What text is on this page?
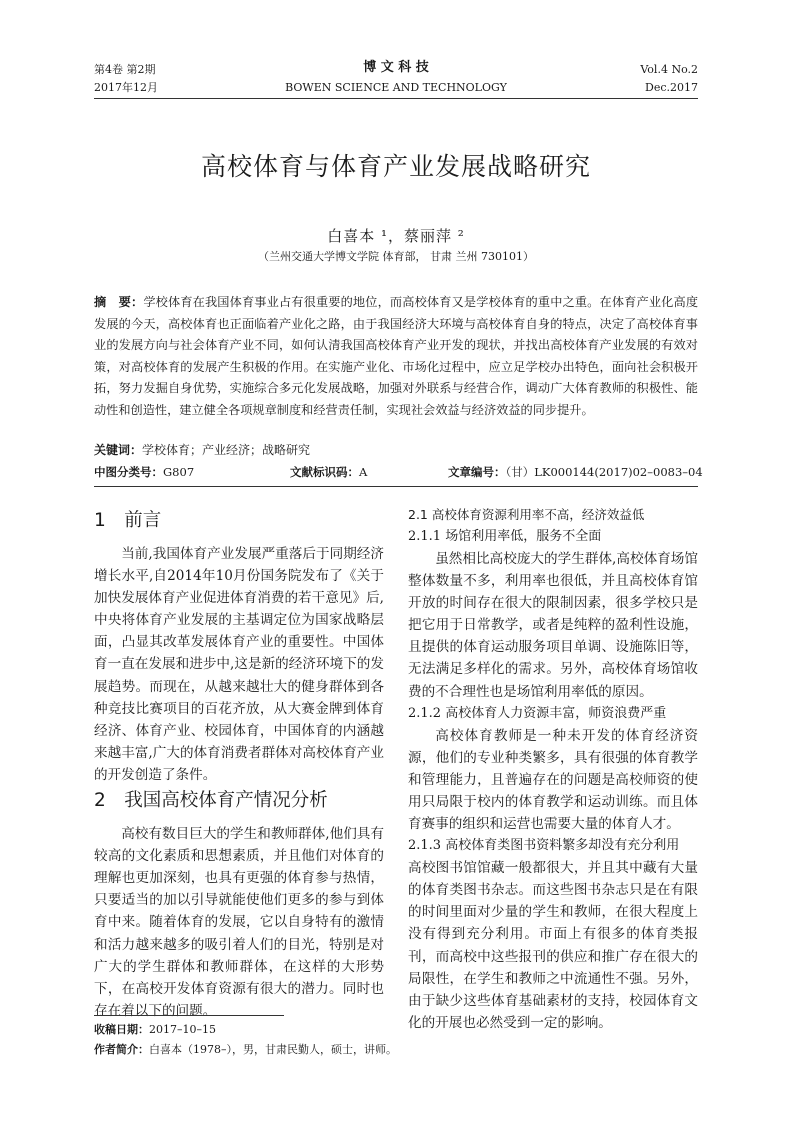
第4卷 第2期
2017年12月
博 文 科 技
BOWEN SCIENCE AND TECHNOLOGY
Vol.4 No.2
Dec.2017
高校体育与体育产业发展战略研究
白喜本 ¹，蔡丽萍 ²
（兰州交通大学博文学院 体育部， 甘肃 兰州 730101）
摘　要：学校体育在我国体育事业占有很重要的地位，而高校体育又是学校体育的重中之重。在体育产业化高度发展的今天，高校体育也正面临着产业化之路，由于我国经济大环境与高校体育自身的特点，决定了高校体育事业的发展方向与社会体育产业不同，如何认清我国高校体育产业开发的现状，并找出高校体育产业发展的有效对策，对高校体育的发展产生积极的作用。在实施产业化、市场化过程中，应立足学校办出特色，面向社会积极开拓，努力发掘自身优势，实施综合多元化发展战略，加强对外联系与经营合作，调动广大体育教师的积极性、能动性和创造性，建立健全各项规章制度和经营责任制，实现社会效益与经济效益的同步提升。
关键词：学校体育；产业经济；战略研究
中图分类号：G807	文献标识码：A	文章编号：（甘）LK000144(2017)02–0083–04
1　前言

当前,我国体育产业发展严重落后于同期经济增长水平,自2014年10月份国务院发布了《关于加快发展体育产业促进体育消费的若干意见》后,中央将体育产业发展的主基调定位为国家战略层面，凸显其改革发展体育产业的重要性。中国体育一直在发展和进步中,这是新的经济环境下的发展趋势。而现在，从越来越壮大的健身群体到各种竞技比赛项目的百花齐放，从大赛金牌到体育经济、体育产业、校园体育，中国体育的内涵越来越丰富,广大的体育消费者群体对高校体育产业的开发创造了条件。

2　我国高校体育产情况分析

高校有数目巨大的学生和教师群体,他们具有较高的文化素质和思想素质，并且他们对体育的理解也更加深刻，也具有更强的体育参与热情，只要适当的加以引导就能使他们更多的参与到体育中来。随着体育的发展，它以自身特有的激情和活力越来越多的吸引着人们的目光，特别是对广大的学生群体和教师群体，在这样的大形势下，在高校开发体育资源有很大的潜力。同时也存在着以下的问题。

2.1 高校体育资源利用率不高，经济效益低
2.1.1 场馆利用率低，服务不全面

虽然相比高校庞大的学生群体,高校体育场馆整体数量不多，利用率也很低，并且高校体育馆开放的时间存在很大的限制因素，很多学校只是把它用于日常教学，或者是纯粹的盈利性设施，且提供的体育运动服务项目单调、设施陈旧等，无法满足多样化的需求。另外，高校体育场馆收费的不合理性也是场馆利用率低的原因。

2.1.2 高校体育人力资源丰富，师资浪费严重

高校体育教师是一种未开发的体育经济资源，他们的专业种类繁多，具有很强的体育教学和管理能力，且普遍存在的问题是高校师资的使用只局限于校内的体育教学和运动训练。而且体育赛事的组织和运营也需要大量的体育人才。

2.1.3 高校体育类图书资料繁多却没有充分利用

高校图书馆馆藏一般都很大，并且其中藏有大量的体育类图书杂志。而这些图书杂志只是在有限的时间里面对少量的学生和教师，在很大程度上没有得到充分利用。市面上有很多的体育类报刊，而高校中这些报刊的供应和推广存在很大的局限性，在学生和教师之中流通性不强。另外，由于缺少这些体育基础素材的支持，校园体育文化的开展也必然受到一定的影响。

收稿日期：2017–10–15
作者简介：白喜本（1978–），男，甘肃民勤人，硕士，讲师。
